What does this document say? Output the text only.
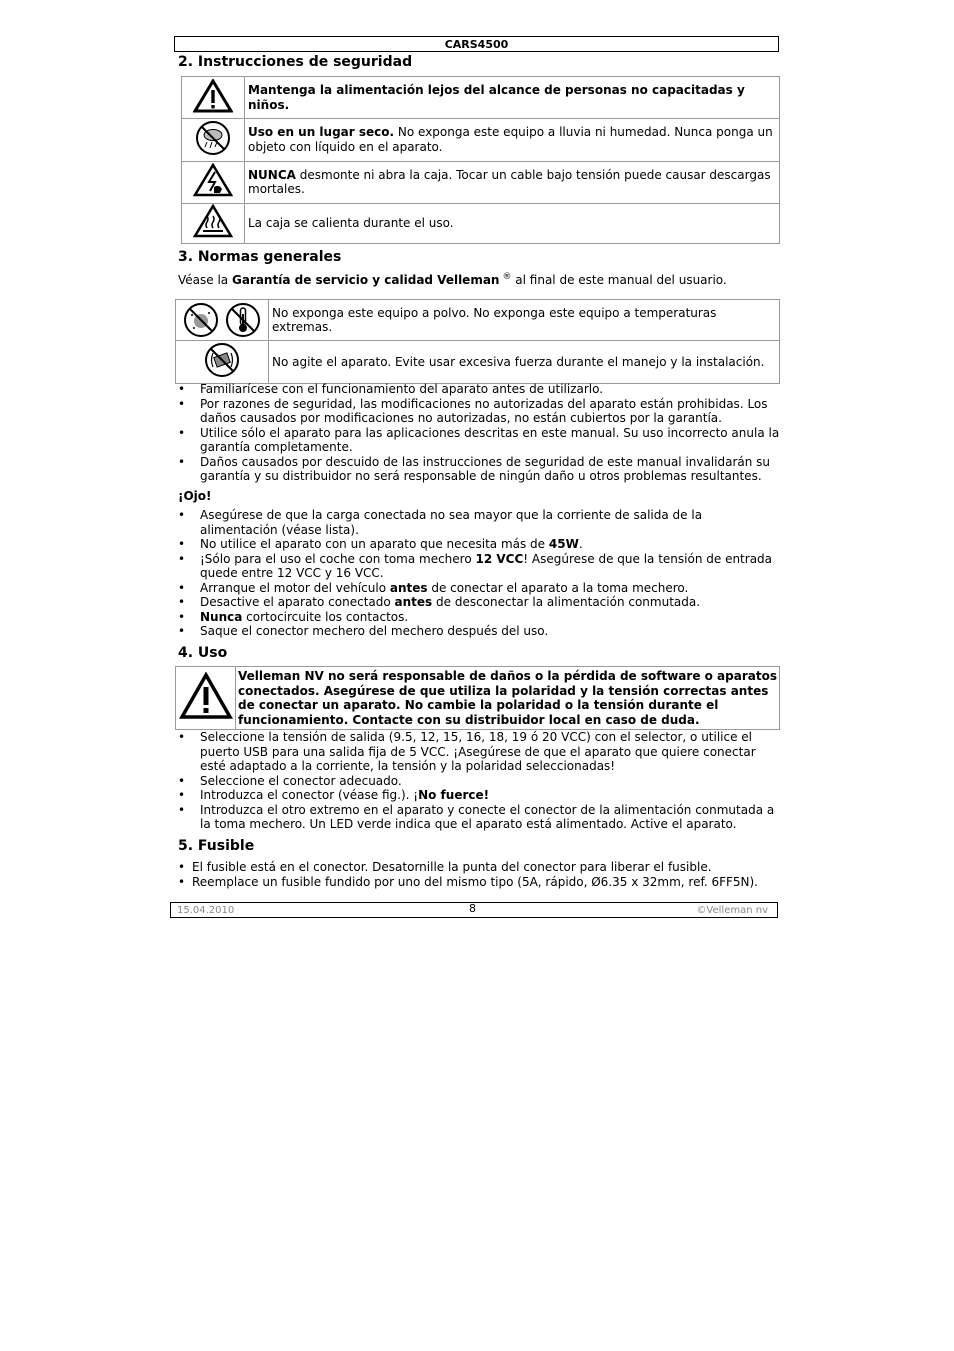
CARS4500
2. Instrucciones de seguridad
	Mantenga la alimentación lejos del alcance de personas no capacitadas y niños.
	Uso en un lugar seco. No exponga este equipo a lluvia ni humedad. Nunca ponga un objeto con líquido en el aparato.
	NUNCA desmonte ni abra la caja. Tocar un cable bajo tensión puede causar descargas mortales.
	La caja se calienta durante el uso.
3. Normas generales
Véase la Garantía de servicio y calidad Velleman ® al final de este manual del usuario.
	No exponga este equipo a polvo. No exponga este equipo a temperaturas extremas.
	No agite el aparato. Evite usar excesiva fuerza durante el manejo y la instalación.
• Familiarícese con el funcionamiento del aparato antes de utilizarlo.
• Por razones de seguridad, las modificaciones no autorizadas del aparato están prohibidas. Los daños causados por modificaciones no autorizadas, no están cubiertos por la garantía.
• Utilice sólo el aparato para las aplicaciones descritas en este manual. Su uso incorrecto anula la garantía completamente.
• Daños causados por descuido de las instrucciones de seguridad de este manual invalidarán su garantía y su distribuidor no será responsable de ningún daño u otros problemas resultantes.
¡Ojo!
• Asegúrese de que la carga conectada no sea mayor que la corriente de salida de la alimentación (véase lista).
• No utilice el aparato con un aparato que necesita más de 45W.
• ¡Sólo para el uso el coche con toma mechero 12 VCC! Asegúrese de que la tensión de entrada quede entre 12 VCC y 16 VCC.
• Arranque el motor del vehículo antes de conectar el aparato a la toma mechero.
• Desactive el aparato conectado antes de desconectar la alimentación conmutada.
• Nunca cortocircuite los contactos.
• Saque el conector mechero del mechero después del uso.
4. Uso
	Velleman NV no será responsable de daños o la pérdida de software o aparatos conectados. Asegúrese de que utiliza la polaridad y la tensión correctas antes de conectar un aparato. No cambie la polaridad o la tensión durante el funcionamiento. Contacte con su distribuidor local en caso de duda.
• Seleccione la tensión de salida (9.5, 12, 15, 16, 18, 19 ó 20 VCC) con el selector, o utilice el puerto USB para una salida fija de 5 VCC. ¡Asegúrese de que el aparato que quiere conectar esté adaptado a la corriente, la tensión y la polaridad seleccionadas!
• Seleccione el conector adecuado.
• Introduzca el conector (véase fig.). ¡No fuerce!
• Introduzca el otro extremo en el aparato y conecte el conector de la alimentación conmutada a la toma mechero. Un LED verde indica que el aparato está alimentado. Active el aparato.
5. Fusible
• El fusible está en el conector. Desatornille la punta del conector para liberar el fusible.
• Reemplace un fusible fundido por uno del mismo tipo (5A, rápido, Ø6.35 x 32mm, ref. 6FF5N).
15.04.2010	8	©Velleman nv
